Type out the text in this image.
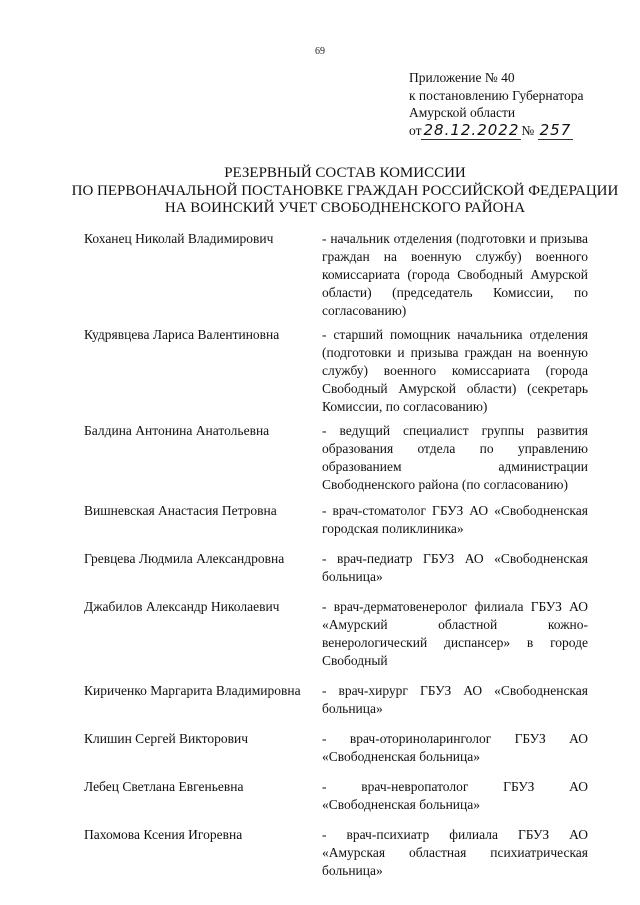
69
Приложение № 40
к постановлению Губернатора
Амурской области
от 28.12.2022 № 257
РЕЗЕРВНЫЙ СОСТАВ КОМИССИИ
ПО ПЕРВОНАЧАЛЬНОЙ ПОСТАНОВКЕ ГРАЖДАН РОССИЙСКОЙ ФЕДЕРАЦИИ
НА ВОИНСКИЙ УЧЕТ СВОБОДНЕНСКОГО РАЙОНА
Коханец Николай Владимирович	- начальник отделения (подготовки и призыва граждан на военную службу) военного комиссариата (города Свободный Амурской области) (председатель Комиссии, по согласованию)
Кудрявцева Лариса Валентиновна	- старший помощник начальника отделения (подготовки и призыва граждан на военную службу) военного комиссариата (города Свободный Амурской области) (секретарь Комиссии, по согласованию)
Балдина Антонина Анатольевна	- ведущий специалист группы развития образования отдела по управлению образованием администрации Свободненского района (по согласованию)
Вишневская Анастасия Петровна	- врач-стоматолог ГБУЗ АО «Свободненская городская поликлиника»
Гревцева Людмила Александровна	- врач-педиатр ГБУЗ АО «Свободненская больница»
Джабилов Александр Николаевич	- врач-дерматовенеролог филиала ГБУЗ АО «Амурский областной кожно-венерологический диспансер» в городе Свободный
Кириченко Маргарита Владимировна	- врач-хирург ГБУЗ АО «Свободненская больница»
Клишин Сергей Викторович	- врач-оториноларинголог ГБУЗ АО «Свободненская больница»
Лебец Светлана Евгеньевна	- врач-невропатолог ГБУЗ АО «Свободненская больница»
Пахомова Ксения Игоревна	- врач-психиатр филиала ГБУЗ АО «Амурская областная психиатрическая больница»
